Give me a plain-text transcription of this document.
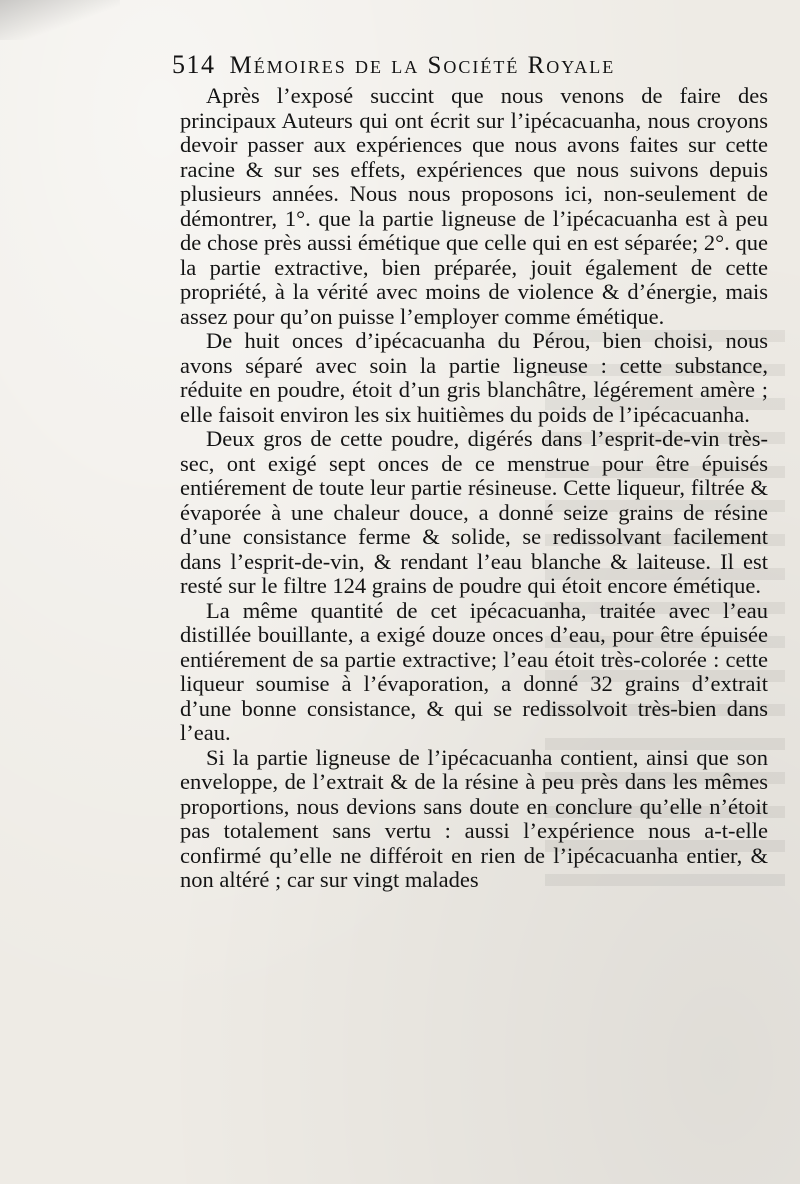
514 Mémoires de la Société Royale

Après l’exposé succint que nous venons de faire des principaux Auteurs qui ont écrit sur l’ipécacuanha, nous croyons devoir passer aux expériences que nous avons faites sur cette racine & sur ses effets, expériences que nous suivons depuis plusieurs années. Nous nous proposons ici, non-seulement de démontrer, 1°. que la partie ligneuse de l’ipécacuanha est à peu de chose près aussi émétique que celle qui en est séparée; 2°. que la partie extractive, bien préparée, jouit également de cette propriété, à la vérité avec moins de violence & d’énergie, mais assez pour qu’on puisse l’employer comme émétique.

De huit onces d’ipécacuanha du Pérou, bien choisi, nous avons séparé avec soin la partie ligneuse : cette substance, réduite en poudre, étoit d’un gris blanchâtre, légérement amère ; elle faisoit environ les six huitièmes du poids de l’ipécacuanha.

Deux gros de cette poudre, digérés dans l’esprit-de-vin très-sec, ont exigé sept onces de ce menstrue pour être épuisés entiérement de toute leur partie résineuse. Cette liqueur, filtrée & évaporée à une chaleur douce, a donné seize grains de résine d’une consistance ferme & solide, se redissolvant facilement dans l’esprit-de-vin, & rendant l’eau blanche & laiteuse. Il est resté sur le filtre 124 grains de poudre qui étoit encore émétique.

La même quantité de cet ipécacuanha, traitée avec l’eau distillée bouillante, a exigé douze onces d’eau, pour être épuisée entiérement de sa partie extractive; l’eau étoit très-colorée : cette liqueur soumise à l’évaporation, a donné 32 grains d’extrait d’une bonne consistance, & qui se redissolvoit très-bien dans l’eau.

Si la partie ligneuse de l’ipécacuanha contient, ainsi que son enveloppe, de l’extrait & de la résine à peu près dans les mêmes proportions, nous devions sans doute en conclure qu’elle n’étoit pas totalement sans vertu : aussi l’expérience nous a-t-elle confirmé qu’elle ne différoit en rien de l’ipécacuanha entier, & non altéré ; car sur vingt malades
